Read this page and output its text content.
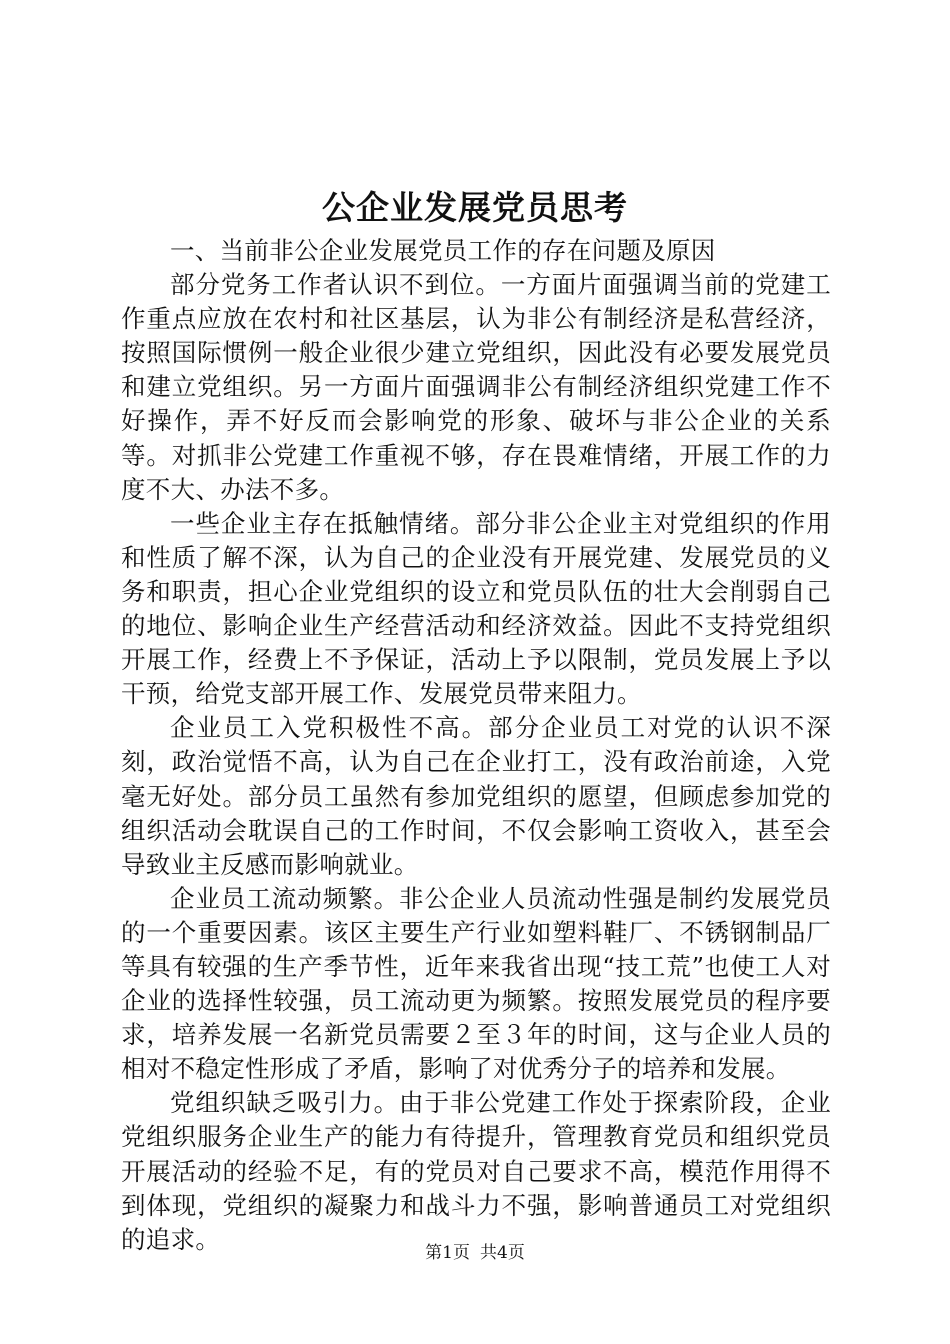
公企业发展党员思考

一、当前非公企业发展党员工作的存在问题及原因

部分党务工作者认识不到位。一方面片面强调当前的党建工作重点应放在农村和社区基层，认为非公有制经济是私营经济，按照国际惯例一般企业很少建立党组织，因此没有必要发展党员和建立党组织。另一方面片面强调非公有制经济组织党建工作不好操作，弄不好反而会影响党的形象、破坏与非公企业的关系等。对抓非公党建工作重视不够，存在畏难情绪，开展工作的力度不大、办法不多。

一些企业主存在抵触情绪。部分非公企业主对党组织的作用和性质了解不深，认为自己的企业没有开展党建、发展党员的义务和职责，担心企业党组织的设立和党员队伍的壮大会削弱自己的地位、影响企业生产经营活动和经济效益。因此不支持党组织开展工作，经费上不予保证，活动上予以限制，党员发展上予以干预，给党支部开展工作、发展党员带来阻力。

企业员工入党积极性不高。部分企业员工对党的认识不深刻，政治觉悟不高，认为自己在企业打工，没有政治前途，入党毫无好处。部分员工虽然有参加党组织的愿望，但顾虑参加党的组织活动会耽误自己的工作时间，不仅会影响工资收入，甚至会导致业主反感而影响就业。

企业员工流动频繁。非公企业人员流动性强是制约发展党员的一个重要因素。该区主要生产行业如塑料鞋厂、不锈钢制品厂等具有较强的生产季节性，近年来我省出现“技工荒”也使工人对企业的选择性较强，员工流动更为频繁。按照发展党员的程序要求，培养发展一名新党员需要２至３年的时间，这与企业人员的相对不稳定性形成了矛盾，影响了对优秀分子的培养和发展。

党组织缺乏吸引力。由于非公党建工作处于探索阶段，企业党组织服务企业生产的能力有待提升，管理教育党员和组织党员开展活动的经验不足，有的党员对自己要求不高，模范作用得不到体现，党组织的凝聚力和战斗力不强，影响普通员工对党组织的追求。	第1页 共4页
